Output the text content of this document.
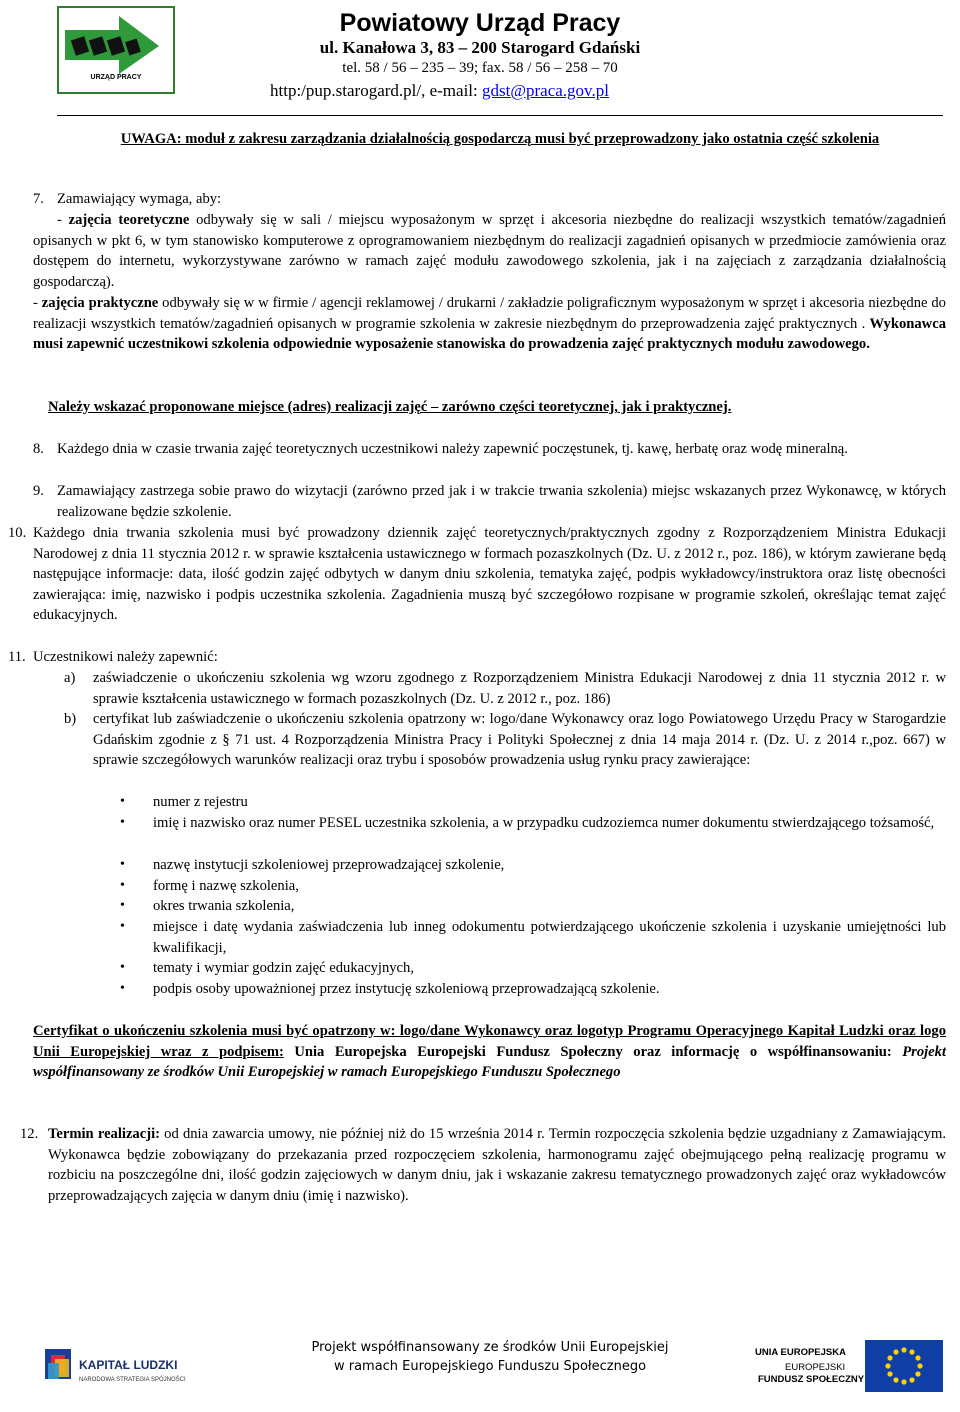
URZĄD PRACY
Powiatowy Urząd Pracy
ul. Kanałowa 3, 83 – 200 Starogard Gdański
tel. 58 / 56 – 235 – 39; fax. 58 / 56 – 258 – 70
http:/pup.starogard.pl/, e-mail: gdst@praca.gov.pl
UWAGA: moduł z zakresu zarządzania działalnością gospodarczą musi być przeprowadzony jako ostatnia część szkolenia
7. Zamawiający wymaga, aby:
- zajęcia teoretyczne odbywały się w sali / miejscu wyposażonym w sprzęt i akcesoria niezbędne do realizacji wszystkich tematów/zagadnień opisanych w pkt 6, w tym stanowisko komputerowe z oprogramowaniem niezbędnym do realizacji zagadnień opisanych w przedmiocie zamówienia oraz dostępem do internetu, wykorzystywane zarówno w ramach zajęć modułu zawodowego szkolenia, jak i na zajęciach z zarządzania działalnością gospodarczą).
- zajęcia praktyczne odbywały się w w firmie / agencji reklamowej / drukarni / zakładzie poligraficznym wyposażonym w sprzęt i akcesoria niezbędne do realizacji wszystkich tematów/zagadnień opisanych w programie szkolenia w zakresie niezbędnym do przeprowadzenia zajęć praktycznych . Wykonawca musi zapewnić uczestnikowi szkolenia odpowiednie wyposażenie stanowiska do prowadzenia zajęć praktycznych modułu zawodowego.
Należy wskazać proponowane miejsce (adres) realizacji zajęć – zarówno części teoretycznej, jak i praktycznej.
8. Każdego dnia w czasie trwania zajęć teoretycznych uczestnikowi należy zapewnić poczęstunek, tj. kawę, herbatę oraz wodę mineralną.
9. Zamawiający zastrzega sobie prawo do wizytacji (zarówno przed jak i w trakcie trwania szkolenia) miejsc wskazanych przez Wykonawcę, w których realizowane będzie szkolenie.
10. Każdego dnia trwania szkolenia musi być prowadzony dziennik zajęć teoretycznych/praktycznych zgodny z Rozporządzeniem Ministra Edukacji Narodowej z dnia 11 stycznia 2012 r. w sprawie kształcenia ustawicznego w formach pozaszkolnych (Dz. U. z 2012 r., poz. 186), w którym zawierane będą następujące informacje: data, ilość godzin zajęć odbytych w danym dniu szkolenia, tematyka zajęć, podpis wykładowcy/instruktora oraz listę obecności zawierająca: imię, nazwisko i podpis uczestnika szkolenia. Zagadnienia muszą być szczegółowo rozpisane w programie szkoleń, określając temat zajęć edukacyjnych.
11. Uczestnikowi należy zapewnić:
a) zaświadczenie o ukończeniu szkolenia wg wzoru zgodnego z Rozporządzeniem Ministra Edukacji Narodowej z dnia 11 stycznia 2012 r. w sprawie kształcenia ustawicznego w formach pozaszkolnych (Dz. U. z 2012 r., poz. 186)
b) certyfikat lub zaświadczenie o ukończeniu szkolenia opatrzony w: logo/dane Wykonawcy oraz logo Powiatowego Urzędu Pracy w Starogardzie Gdańskim zgodnie z § 71 ust. 4 Rozporządzenia Ministra Pracy i Polityki Społecznej z dnia 14 maja 2014 r. (Dz. U. z 2014 r.,poz. 667) w sprawie szczegółowych warunków realizacji oraz trybu i sposobów prowadzenia usług rynku pracy zawierające:
• numer z rejestru
• imię i nazwisko oraz numer PESEL uczestnika szkolenia, a w przypadku cudzoziemca numer dokumentu stwierdzającego tożsamość,
• nazwę instytucji szkoleniowej przeprowadzającej szkolenie,
• formę i nazwę szkolenia,
• okres trwania szkolenia,
• miejsce i datę wydania zaświadczenia lub inneg odokumentu potwierdzającego ukończenie szkolenia i uzyskanie umiejętności lub kwalifikacji,
• tematy i wymiar godzin zajęć edukacyjnych,
• podpis osoby upoważnionej przez instytucję szkoleniową przeprowadzającą szkolenie.
Certyfikat o ukończeniu szkolenia musi być opatrzony w: logo/dane Wykonawcy oraz logotyp Programu Operacyjnego Kapitał Ludzki oraz logo Unii Europejskiej wraz z podpisem: Unia Europejska Europejski Fundusz Społeczny oraz informację o współfinansowaniu: Projekt współfinansowany ze środków Unii Europejskiej w ramach Europejskiego Funduszu Społecznego
12. Termin realizacji: od dnia zawarcia umowy, nie później niż do 15 września 2014 r. Termin rozpoczęcia szkolenia będzie uzgadniany z Zamawiającym. Wykonawca będzie zobowiązany do przekazania przed rozpoczęciem szkolenia, harmonogramu zajęć obejmującego pełną realizację programu w rozbiciu na poszczególne dni, ilość godzin zajęciowych w danym dniu, jak i wskazanie zakresu tematycznego prowadzonych zajęć oraz wykładowców przeprowadzających zajęcia w danym dniu (imię i nazwisko).
KAPITAŁ LUDZKI
NARODOWA STRATEGIA SPÓJNOŚCI
Projekt współfinansowany ze środków Unii Europejskiej
w ramach Europejskiego Funduszu Społecznego
UNIA EUROPEJSKA
EUROPEJSKI
FUNDUSZ SPOŁECZNY
